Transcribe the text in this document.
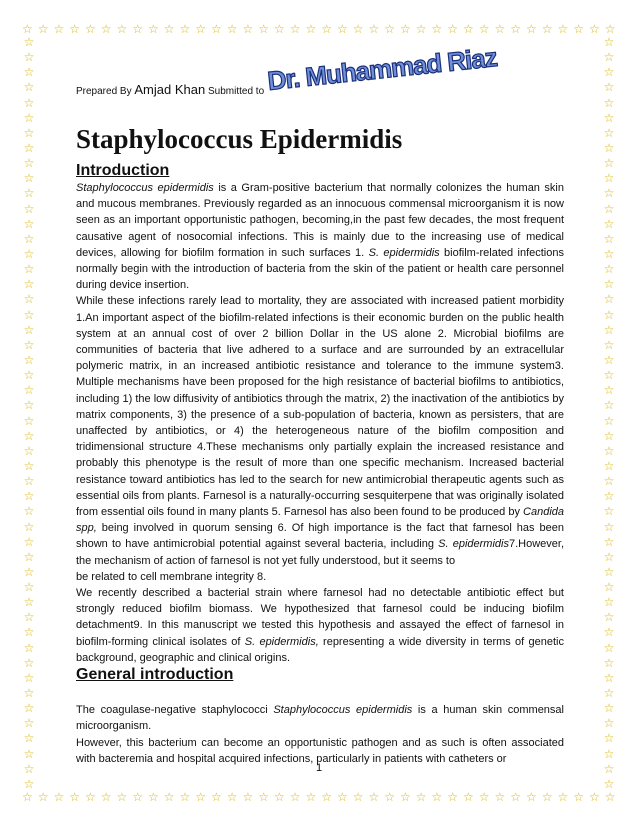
☆ ☆ ☆ ☆ ☆ ☆ ☆ ☆ ☆ ☆ ☆ ☆ ☆ ☆ ☆ ☆ ☆ ☆ ☆ ☆ ☆ ☆ ☆ ☆ ☆ ☆ ☆ ☆ ☆ ☆ ☆ ☆ ☆ ☆ ☆ ☆ ☆ ☆
☆ ☆ ☆ ☆ ☆ ☆ ☆ ☆ ☆ ☆ ☆ ☆ ☆ ☆ ☆ ☆ ☆ ☆ ☆ ☆ ☆ ☆ ☆ ☆ ☆ ☆ ☆ ☆ ☆ ☆ ☆ ☆ ☆ ☆ ☆ ☆ ☆ ☆
☆
☆
☆
☆
☆
☆
☆
☆
☆
☆
☆
☆
☆
☆
☆
☆
☆
☆
☆
☆
☆
☆
☆
☆
☆
☆
☆
☆
☆
☆
☆
☆
☆
☆
☆
☆
☆
☆
☆
☆
☆
☆
☆
☆
☆
☆
☆
☆
☆
☆
☆
☆
☆
☆
☆
☆
☆
☆
☆
☆
☆
☆
☆
☆
☆
☆
☆
☆
☆
☆
☆
☆
☆
☆
☆
☆
☆
☆
☆
☆
☆
☆
☆
☆
☆
☆
☆
☆
☆
☆
☆
☆
☆
☆
☆
☆
☆
☆
☆
☆
Prepared By Amjad Khan Submitted to Dr. Muhammad Riaz
Staphylococcus Epidermidis
Introduction

Staphylococcus epidermidis is a Gram-positive bacterium that normally colonizes the human skin and mucous membranes. Previously regarded as an innocuous commensal microorganism it is now seen as an important opportunistic pathogen, becoming,in the past few decades, the most frequent causative agent of nosocomial infections. This is mainly due to the increasing use of medical devices, allowing for biofilm formation in such surfaces 1. S. epidermidis biofilm-related infections normally begin with the introduction of bacteria from the skin of the patient or health care personnel during device insertion.

While these infections rarely lead to mortality, they are associated with increased patient morbidity 1.An important aspect of the biofilm-related infections is their economic burden on the public health system at an annual cost of over 2 billion Dollar in the US alone 2. Microbial biofilms are communities of bacteria that live adhered to a surface and are surrounded by an extracellular polymeric matrix, in an increased antibiotic resistance and tolerance to the immune system3. Multiple mechanisms have been proposed for the high resistance of bacterial biofilms to antibiotics, including 1) the low diffusivity of antibiotics through the matrix, 2) the inactivation of the antibiotics by matrix components, 3) the presence of a sub-population of bacteria, known as persisters, that are unaffected by antibiotics, or 4) the heterogeneous nature of the biofilm composition and tridimensional structure 4.These mechanisms only partially explain the increased resistance and probably this phenotype is the result of more than one specific mechanism. Increased bacterial resistance toward antibiotics has led to the search for new antimicrobial therapeutic agents such as essential oils from plants. Farnesol is a naturally-occurring sesquiterpene that was originally isolated from essential oils found in many plants 5. Farnesol has also been found to be produced by Candida spp, being involved in quorum sensing 6. Of high importance is the fact that farnesol has been shown to have antimicrobial potential against several bacteria, including S. epidermidis7.However, the mechanism of action of farnesol is not yet fully understood, but it seems to

be related to cell membrane integrity 8.

We recently described a bacterial strain where farnesol had no detectable antibiotic effect but strongly reduced biofilm biomass. We hypothesized that farnesol could be inducing biofilm detachment9. In this manuscript we tested this hypothesis and assayed the effect of farnesol in biofilm-forming clinical isolates of S. epidermidis, representing a wide diversity in terms of genetic background, geographic and clinical origins.

General introduction

The coagulase-negative staphylococci Staphylococcus epidermidis is a human skin commensal microorganism.

However, this bacterium can become an opportunistic pathogen and as such is often associated with bacteremia and hospital acquired infections, particularly in patients with catheters or

1
